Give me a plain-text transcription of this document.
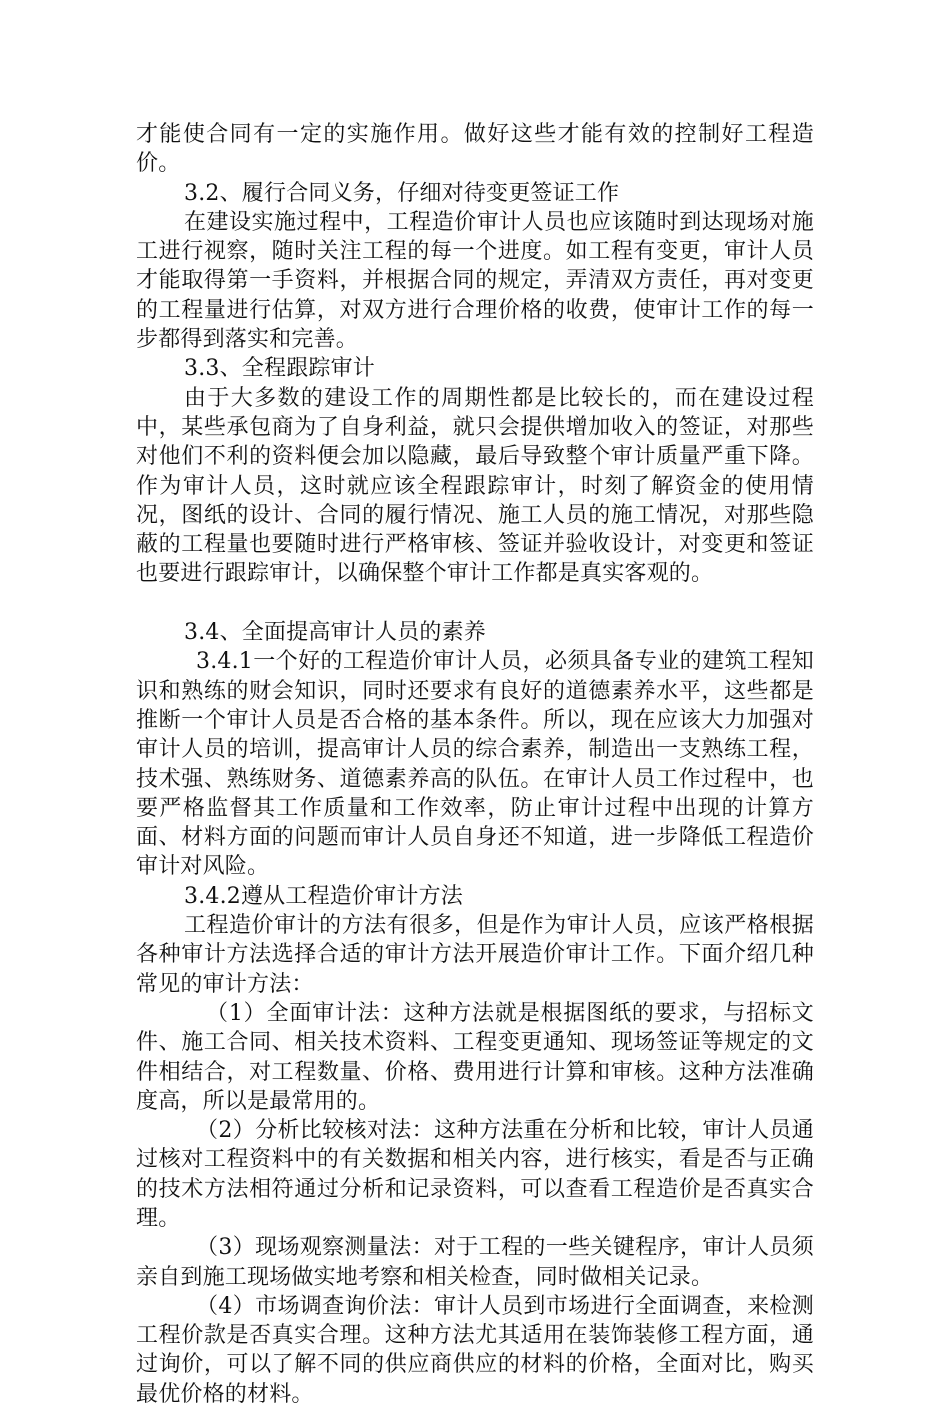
才能使合同有一定的实施作用。做好这些才能有效的控制好工程造价。

3.2、履行合同义务，仔细对待变更签证工作

在建设实施过程中，工程造价审计人员也应该随时到达现场对施工进行视察，随时关注工程的每一个进度。如工程有变更，审计人员才能取得第一手资料，并根据合同的规定，弄清双方责任，再对变更的工程量进行估算，对双方进行合理价格的收费，使审计工作的每一步都得到落实和完善。

3.3、全程跟踪审计

由于大多数的建设工作的周期性都是比较长的，而在建设过程中，某些承包商为了自身利益，就只会提供增加收入的签证，对那些对他们不利的资料便会加以隐藏，最后导致整个审计质量严重下降。作为审计人员，这时就应该全程跟踪审计，时刻了解资金的使用情况，图纸的设计、合同的履行情况、施工人员的施工情况，对那些隐蔽的工程量也要随时进行严格审核、签证并验收设计，对变更和签证也要进行跟踪审计，以确保整个审计工作都是真实客观的。

3.4、全面提高审计人员的素养

3.4.1一个好的工程造价审计人员，必须具备专业的建筑工程知识和熟练的财会知识，同时还要求有良好的道德素养水平，这些都是推断一个审计人员是否合格的基本条件。所以，现在应该大力加强对审计人员的培训，提高审计人员的综合素养，制造出一支熟练工程，技术强、熟练财务、道德素养高的队伍。在审计人员工作过程中，也要严格监督其工作质量和工作效率，防止审计过程中出现的计算方面、材料方面的问题而审计人员自身还不知道，进一步降低工程造价审计对风险。

3.4.2遵从工程造价审计方法

工程造价审计的方法有很多，但是作为审计人员，应该严格根据各种审计方法选择合适的审计方法开展造价审计工作。下面介绍几种常见的审计方法：

（1）全面审计法：这种方法就是根据图纸的要求，与招标文件、施工合同、相关技术资料、工程变更通知、现场签证等规定的文件相结合，对工程数量、价格、费用进行计算和审核。这种方法准确度高，所以是最常用的。

（2）分析比较核对法：这种方法重在分析和比较，审计人员通过核对工程资料中的有关数据和相关内容，进行核实，看是否与正确的技术方法相符通过分析和记录资料，可以查看工程造价是否真实合理。

（3）现场观察测量法：对于工程的一些关键程序，审计人员须亲自到施工现场做实地考察和相关检查，同时做相关记录。

（4）市场调查询价法：审计人员到市场进行全面调查，来检测工程价款是否真实合理。这种方法尤其适用在装饰装修工程方面，通过询价，可以了解不同的供应商供应的材料的价格，全面对比，购买最优价格的材料。
